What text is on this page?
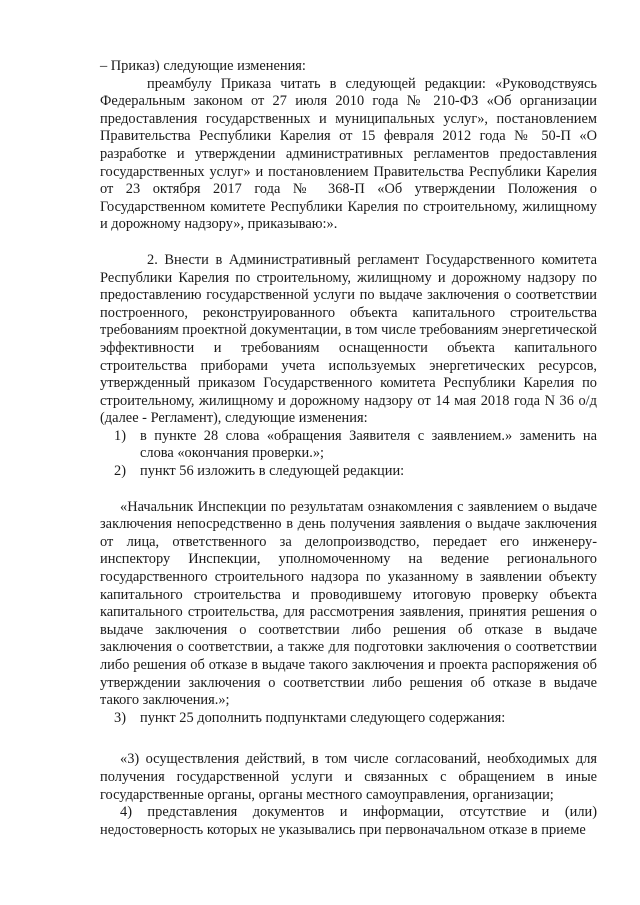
– Приказ) следующие изменения:

преамбулу Приказа читать в следующей редакции: «Руководствуясь Федеральным законом от 27 июля 2010 года № 210-ФЗ «Об организации предоставления государственных и муниципальных услуг», постановлением Правительства Республики Карелия от 15 февраля 2012 года № 50-П «О разработке и утверждении административных регламентов предоставления государственных услуг» и постановлением Правительства Республики Карелия от 23 октября 2017 года № 368-П «Об утверждении Положения о Государственном комитете Республики Карелия по строительному, жилищному и дорожному надзору», приказываю:».

2. Внести в Административный регламент Государственного комитета Республики Карелия по строительному, жилищному и дорожному надзору по предоставлению государственной услуги по выдаче заключения о соответствии построенного, реконструированного объекта капитального строительства требованиям проектной документации, в том числе требованиям энергетической эффективности и требованиям оснащенности объекта капитального строительства приборами учета используемых энергетических ресурсов, утвержденный приказом Государственного комитета Республики Карелия по строительному, жилищному и дорожному надзору от 14 мая 2018 года N 36 о/д (далее - Регламент), следующие изменения:

1) в пункте 28 слова «обращения Заявителя с заявлением.» заменить на слова «окончания проверки.»;
2) пункт 56 изложить в следующей редакции:

«Начальник Инспекции по результатам ознакомления с заявлением о выдаче заключения непосредственно в день получения заявления о выдаче заключения от лица, ответственного за делопроизводство, передает его инженеру-инспектору Инспекции, уполномоченному на ведение регионального государственного строительного надзора по указанному в заявлении объекту капитального строительства и проводившему итоговую проверку объекта капитального строительства, для рассмотрения заявления, принятия решения о выдаче заключения о соответствии либо решения об отказе в выдаче заключения о соответствии, а также для подготовки заключения о соответствии либо решения об отказе в выдаче такого заключения и проекта распоряжения об утверждении заключения о соответствии либо решения об отказе в выдаче такого заключения.»;

3) пункт 25 дополнить подпунктами следующего содержания:

«3) осуществления действий, в том числе согласований, необходимых для получения государственной услуги и связанных с обращением в иные государственные органы, органы местного самоуправления, организации;

4) представления документов и информации, отсутствие и (или) недостоверность которых не указывались при первоначальном отказе в приеме
